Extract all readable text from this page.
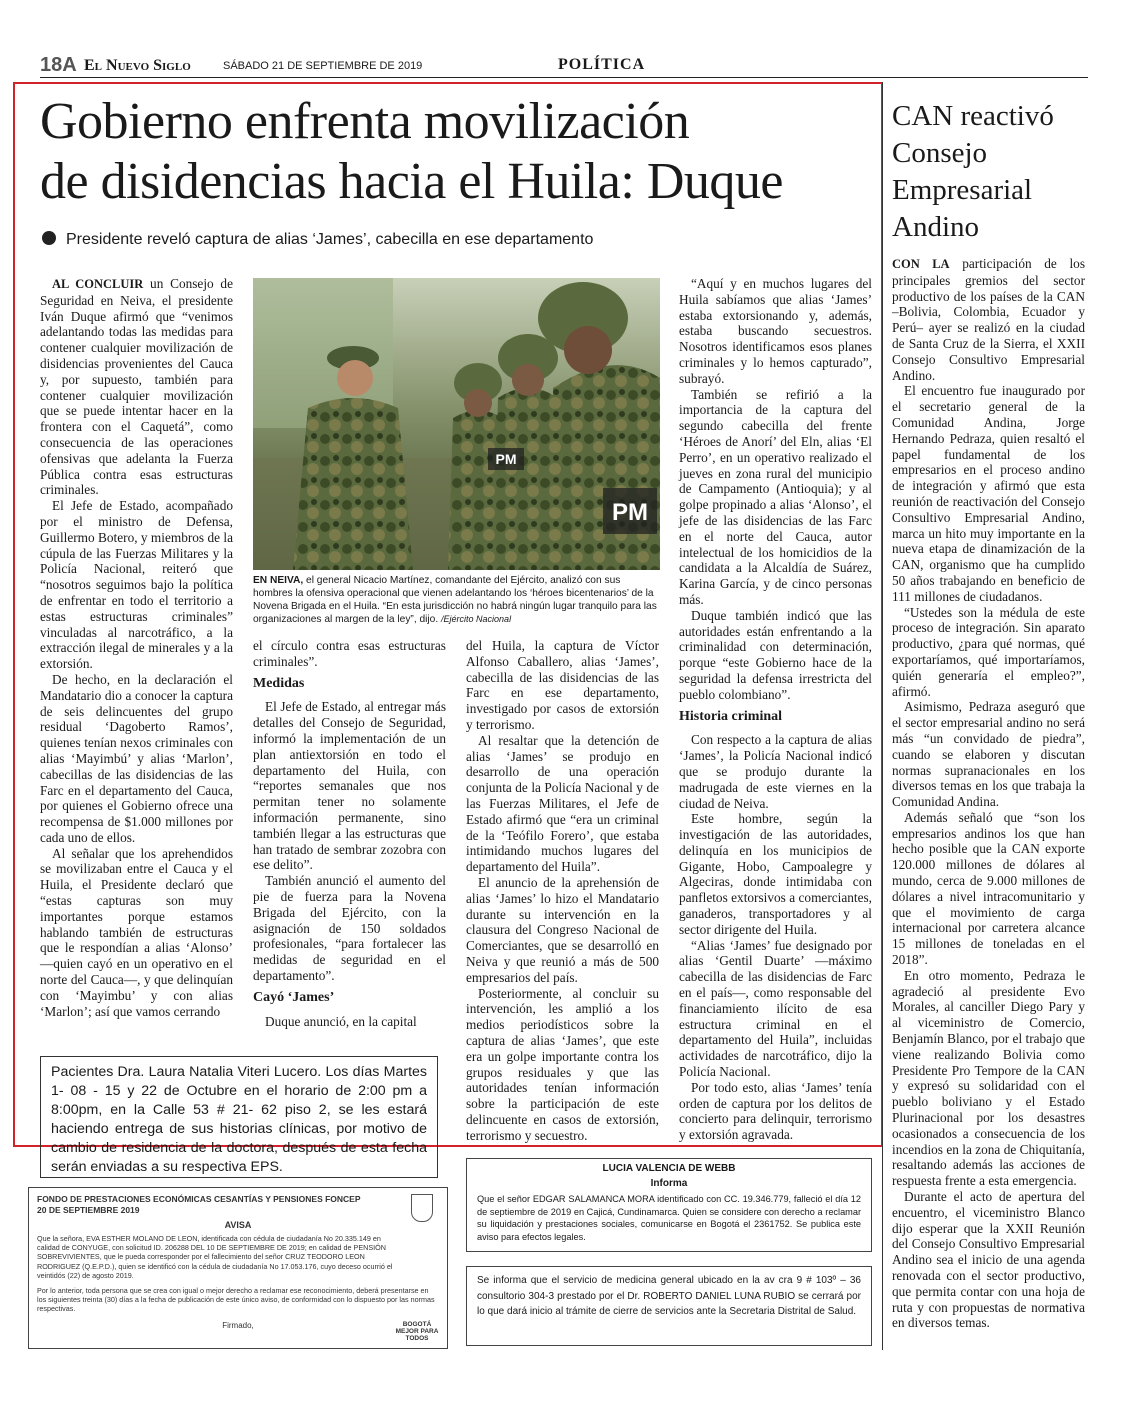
18A El Nuevo Siglo	SÁBADO 21 DE SEPTIEMBRE DE 2019	POLÍTICA
Gobierno enfrenta movilización
de disidencias hacia el Huila: Duque
Presidente reveló captura de alias ‘James’, cabecilla en ese departamento

AL CONCLUIR un Consejo de Seguridad en Neiva, el presidente Iván Duque afirmó que “venimos adelantando todas las medidas para contener cualquier movilización de disidencias provenientes del Cauca y, por supuesto, también para contener cualquier movilización que se puede intentar hacer en la frontera con el Caquetá”, como consecuencia de las operaciones ofensivas que adelanta la Fuerza Pública contra esas estructuras criminales.

El Jefe de Estado, acompañado por el ministro de Defensa, Guillermo Botero, y miembros de la cúpula de las Fuerzas Militares y la Policía Nacional, reiteró que “nosotros seguimos bajo la política de enfrentar en todo el territorio a estas estructuras criminales” vinculadas al narcotráfico, a la extracción ilegal de minerales y a la extorsión.

De hecho, en la declaración el Mandatario dio a conocer la captura de seis delincuentes del grupo residual ‘Dagoberto Ramos’, quienes tenían nexos criminales con alias ‘Mayimbú’ y alias ‘Marlon’, cabecillas de las disidencias de las Farc en el departamento del Cauca, por quienes el Gobierno ofrece una recompensa de $1.000 millones por cada uno de ellos.

Al señalar que los aprehendidos se movilizaban entre el Cauca y el Huila, el Presidente declaró que “estas capturas son muy importantes porque estamos hablando también de estructuras que le respondían a alias ‘Alonso’ —quien cayó en un operativo en el norte del Cauca—, y que delinquían con ‘Mayimbu’ y con alias ‘Marlon’; así que vamos cerrando

PM
PM
EN NEIVA, el general Nicacio Martínez, comandante del Ejército, analizó con sus hombres la ofensiva operacional que vienen adelantando los ‘héroes bicentenarios’ de la Novena Brigada en el Huila. “En esta jurisdicción no habrá ningún lugar tranquilo para las organizaciones al margen de la ley”, dijo. /Ejército Nacional

el círculo contra esas estructuras criminales”.

Medidas

El Jefe de Estado, al entregar más detalles del Consejo de Seguridad, informó la implementación de un plan antiextorsión en todo el departamento del Huila, con “reportes semanales que nos permitan tener no solamente información permanente, sino también llegar a las estructuras que han tratado de sembrar zozobra con ese delito”.

También anunció el aumento del pie de fuerza para la Novena Brigada del Ejército, con la asignación de 150 soldados profesionales, “para fortalecer las medidas de seguridad en el departamento”.

Cayó ‘James’

Duque anunció, en la capital

del Huila, la captura de Víctor Alfonso Caballero, alias ‘James’, cabecilla de las disidencias de las Farc en ese departamento, investigado por casos de extorsión y terrorismo.

Al resaltar que la detención de alias ‘James’ se produjo en desarrollo de una operación conjunta de la Policía Nacional y de las Fuerzas Militares, el Jefe de Estado afirmó que “era un criminal de la ‘Teófilo Forero’, que estaba intimidando muchos lugares del departamento del Huila”.

El anuncio de la aprehensión de alias ‘James’ lo hizo el Mandatario durante su intervención en la clausura del Congreso Nacional de Comerciantes, que se desarrolló en Neiva y que reunió a más de 500 empresarios del país.

Posteriormente, al concluir su intervención, les amplió a los medios periodísticos sobre la captura de alias ‘James’, que este era un golpe importante contra los grupos residuales y que las autoridades tenían información sobre la participación de este delincuente en casos de extorsión, terrorismo y secuestro.

“Aquí y en muchos lugares del Huila sabíamos que alias ‘James’ estaba extorsionando y, además, estaba buscando secuestros. Nosotros identificamos esos planes criminales y lo hemos capturado”, subrayó.

También se refirió a la importancia de la captura del segundo cabecilla del frente ‘Héroes de Anorí’ del Eln, alias ‘El Perro’, en un operativo realizado el jueves en zona rural del municipio de Campamento (Antioquia); y al golpe propinado a alias ‘Alonso’, el jefe de las disidencias de las Farc en el norte del Cauca, autor intelectual de los homicidios de la candidata a la Alcaldía de Suárez, Karina García, y de cinco personas más.

Duque también indicó que las autoridades están enfrentando a la criminalidad con determinación, porque “este Gobierno hace de la seguridad la defensa irrestricta del pueblo colombiano”.

Historia criminal

Con respecto a la captura de alias ‘James’, la Policía Nacional indicó que se produjo durante la madrugada de este viernes en la ciudad de Neiva.

Este hombre, según la investigación de las autoridades, delinquía en los municipios de Gigante, Hobo, Campoalegre y Algeciras, donde intimidaba con panfletos extorsivos a comerciantes, ganaderos, transportadores y al sector dirigente del Huila.

“Alias ‘James’ fue designado por alias ‘Gentil Duarte’ —máximo cabecilla de las disidencias de Farc en el país—, como responsable del financiamiento ilícito de esa estructura criminal en el departamento del Huila”, incluidas actividades de narcotráfico, dijo la Policía Nacional.

Por todo esto, alias ‘James’ tenía orden de captura por los delitos de concierto para delinquir, terrorismo y extorsión agravada.

CAN reactivó Consejo Empresarial Andino

CON LA participación de los principales gremios del sector productivo de los países de la CAN –Bolivia, Colombia, Ecuador y Perú– ayer se realizó en la ciudad de Santa Cruz de la Sierra, el XXII Consejo Consultivo Empresarial Andino.

El encuentro fue inaugurado por el secretario general de la Comunidad Andina, Jorge Hernando Pedraza, quien resaltó el papel fundamental de los empresarios en el proceso andino de integración y afirmó que esta reunión de reactivación del Consejo Consultivo Empresarial Andino, marca un hito muy importante en la nueva etapa de dinamización de la CAN, organismo que ha cumplido 50 años trabajando en beneficio de 111 millones de ciudadanos.

“Ustedes son la médula de este proceso de integración. Sin aparato productivo, ¿para qué normas, qué exportaríamos, qué importaríamos, quién generaría el empleo?”, afirmó.

Asimismo, Pedraza aseguró que el sector empresarial andino no será más “un convidado de piedra”, cuando se elaboren y discutan normas supranacionales en los diversos temas en los que trabaja la Comunidad Andina.

Además señaló que “son los empresarios andinos los que han hecho posible que la CAN exporte 120.000 millones de dólares al mundo, cerca de 9.000 millones de dólares a nivel intracomunitario y que el movimiento de carga internacional por carretera alcance 15 millones de toneladas en el 2018”.

En otro momento, Pedraza le agradeció al presidente Evo Morales, al canciller Diego Pary y al viceministro de Comercio, Benjamín Blanco, por el trabajo que viene realizando Bolivia como Presidente Pro Tempore de la CAN y expresó su solidaridad con el pueblo boliviano y el Estado Plurinacional por los desastres ocasionados a consecuencia de los incendios en la zona de Chiquitanía, resaltando además las acciones de respuesta frente a esta emergencia.

Durante el acto de apertura del encuentro, el viceministro Blanco dijo esperar que la XXII Reunión del Consejo Consultivo Empresarial Andino sea el inicio de una agenda renovada con el sector productivo, que permita contar con una hoja de ruta y con propuestas de normativa en diversos temas.

Pacientes Dra. Laura Natalia Viteri Lucero. Los días Martes 1- 08 - 15 y 22 de Octubre en el horario de 2:00 pm a 8:00pm, en la Calle 53 # 21- 62 piso 2, se les estará haciendo entrega de sus historias clínicas, por motivo de cambio de residencia de la doctora, después de esta fecha serán enviadas a su respectiva EPS.
FONDO DE PRESTACIONES ECONÓMICAS CESANTÍAS Y PENSIONES FONCEP
20 DE SEPTIEMBRE 2019
AVISA
Que la señora, EVA ESTHER MOLANO DE LEON, identificada con cédula de ciudadanía No 20.335.149 en calidad de CONYUGE, con solicitud ID. 206288 DEL 10 DE SEPTIEMBRE DE 2019; en calidad de PENSIÓN SOBREVIVIENTES, que le pueda corresponder por el fallecimiento del señor CRUZ TEODORO LEON RODRIGUEZ (Q.E.P.D.), quien se identificó con la cédula de ciudadanía No 17.053.176, cuyo deceso ocurrió el veintidós (22) de agosto 2019.
Por lo anterior, toda persona que se crea con igual o mejor derecho a reclamar ese reconocimiento, deberá presentarse en los siguientes treinta (30) días a la fecha de publicación de este único aviso, de conformidad con lo dispuesto por las normas respectivas.
Firmado,	BOGOTÁ MEJOR PARA TODOS
LUCIA VALENCIA DE WEBB
Informa
Que el señor EDGAR SALAMANCA MORA identificado con CC. 19.346.779, falleció el día 12 de septiembre de 2019 en Cajicá, Cundinamarca. Quien se considere con derecho a reclamar su liquidación y prestaciones sociales, comunicarse en Bogotá el 2361752. Se publica este aviso para efectos legales.
Se informa que el servicio de medicina general ubicado en la av cra 9 # 103º – 36 consultorio 304-3 prestado por el Dr. ROBERTO DANIEL LUNA RUBIO se cerrará por lo que dará inicio al trámite de cierre de servicios ante la Secretaria Distrital de Salud.
